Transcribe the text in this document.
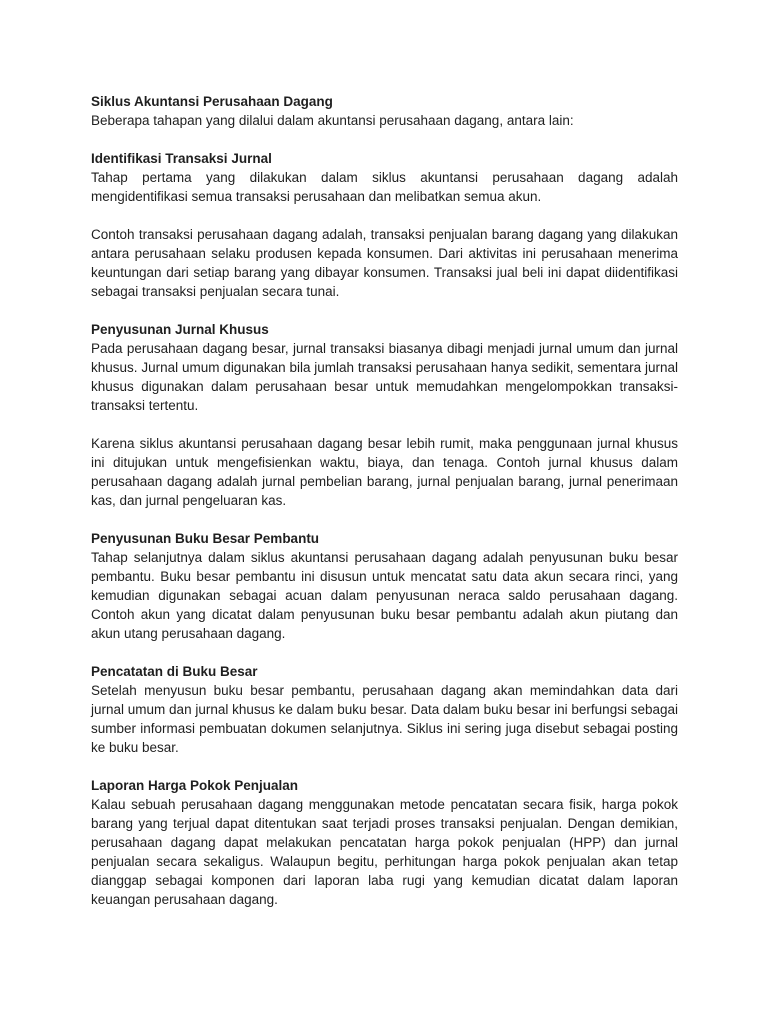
Siklus Akuntansi Perusahaan Dagang

Beberapa tahapan yang dilalui dalam akuntansi perusahaan dagang, antara lain:

Identifikasi Transaksi Jurnal

Tahap pertama yang dilakukan dalam siklus akuntansi perusahaan dagang adalah mengidentifikasi semua transaksi perusahaan dan melibatkan semua akun.

Contoh transaksi perusahaan dagang adalah, transaksi penjualan barang dagang yang dilakukan antara perusahaan selaku produsen kepada konsumen. Dari aktivitas ini perusahaan menerima keuntungan dari setiap barang yang dibayar konsumen. Transaksi jual beli ini dapat diidentifikasi sebagai transaksi penjualan secara tunai.

Penyusunan Jurnal Khusus

Pada perusahaan dagang besar, jurnal transaksi biasanya dibagi menjadi jurnal umum dan jurnal khusus. Jurnal umum digunakan bila jumlah transaksi perusahaan hanya sedikit, sementara jurnal khusus digunakan dalam perusahaan besar untuk memudahkan mengelompokkan transaksi-transaksi tertentu.

Karena siklus akuntansi perusahaan dagang besar lebih rumit, maka penggunaan jurnal khusus ini ditujukan untuk mengefisienkan waktu, biaya, dan tenaga. Contoh jurnal khusus dalam perusahaan dagang adalah jurnal pembelian barang, jurnal penjualan barang, jurnal penerimaan kas, dan jurnal pengeluaran kas.

Penyusunan Buku Besar Pembantu

Tahap selanjutnya dalam siklus akuntansi perusahaan dagang adalah penyusunan buku besar pembantu. Buku besar pembantu ini disusun untuk mencatat satu data akun secara rinci, yang kemudian digunakan sebagai acuan dalam penyusunan neraca saldo perusahaan dagang. Contoh akun yang dicatat dalam penyusunan buku besar pembantu adalah akun piutang dan akun utang perusahaan dagang.

Pencatatan di Buku Besar

Setelah menyusun buku besar pembantu, perusahaan dagang akan memindahkan data dari jurnal umum dan jurnal khusus ke dalam buku besar. Data dalam buku besar ini berfungsi sebagai sumber informasi pembuatan dokumen selanjutnya. Siklus ini sering juga disebut sebagai posting ke buku besar.

Laporan Harga Pokok Penjualan

Kalau sebuah perusahaan dagang menggunakan metode pencatatan secara fisik, harga pokok barang yang terjual dapat ditentukan saat terjadi proses transaksi penjualan. Dengan demikian, perusahaan dagang dapat melakukan pencatatan harga pokok penjualan (HPP) dan jurnal penjualan secara sekaligus. Walaupun begitu, perhitungan harga pokok penjualan akan tetap dianggap sebagai komponen dari laporan laba rugi yang kemudian dicatat dalam laporan keuangan perusahaan dagang.
